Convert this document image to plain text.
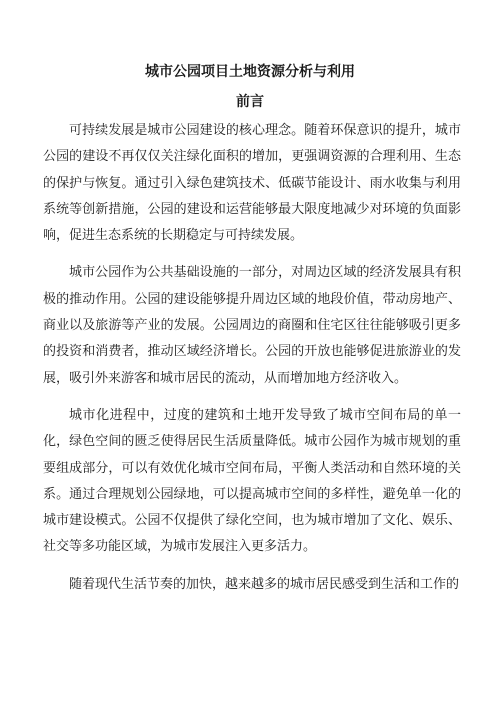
城市公园项目土地资源分析与利用
前言

可持续发展是城市公园建设的核心理念。随着环保意识的提升，城市公园的建设不再仅仅关注绿化面积的增加，更强调资源的合理利用、生态的保护与恢复。通过引入绿色建筑技术、低碳节能设计、雨水收集与利用系统等创新措施，公园的建设和运营能够最大限度地减少对环境的负面影响，促进生态系统的长期稳定与可持续发展。

城市公园作为公共基础设施的一部分，对周边区域的经济发展具有积极的推动作用。公园的建设能够提升周边区域的地段价值，带动房地产、商业以及旅游等产业的发展。公园周边的商圈和住宅区往往能够吸引更多的投资和消费者，推动区域经济增长。公园的开放也能够促进旅游业的发展，吸引外来游客和城市居民的流动，从而增加地方经济收入。

城市化进程中，过度的建筑和土地开发导致了城市空间布局的单一化，绿色空间的匮乏使得居民生活质量降低。城市公园作为城市规划的重要组成部分，可以有效优化城市空间布局，平衡人类活动和自然环境的关系。通过合理规划公园绿地，可以提高城市空间的多样性，避免单一化的城市建设模式。公园不仅提供了绿化空间，也为城市增加了文化、娱乐、社交等多功能区域，为城市发展注入更多活力。

随着现代生活节奏的加快，越来越多的城市居民感受到生活和工作的
